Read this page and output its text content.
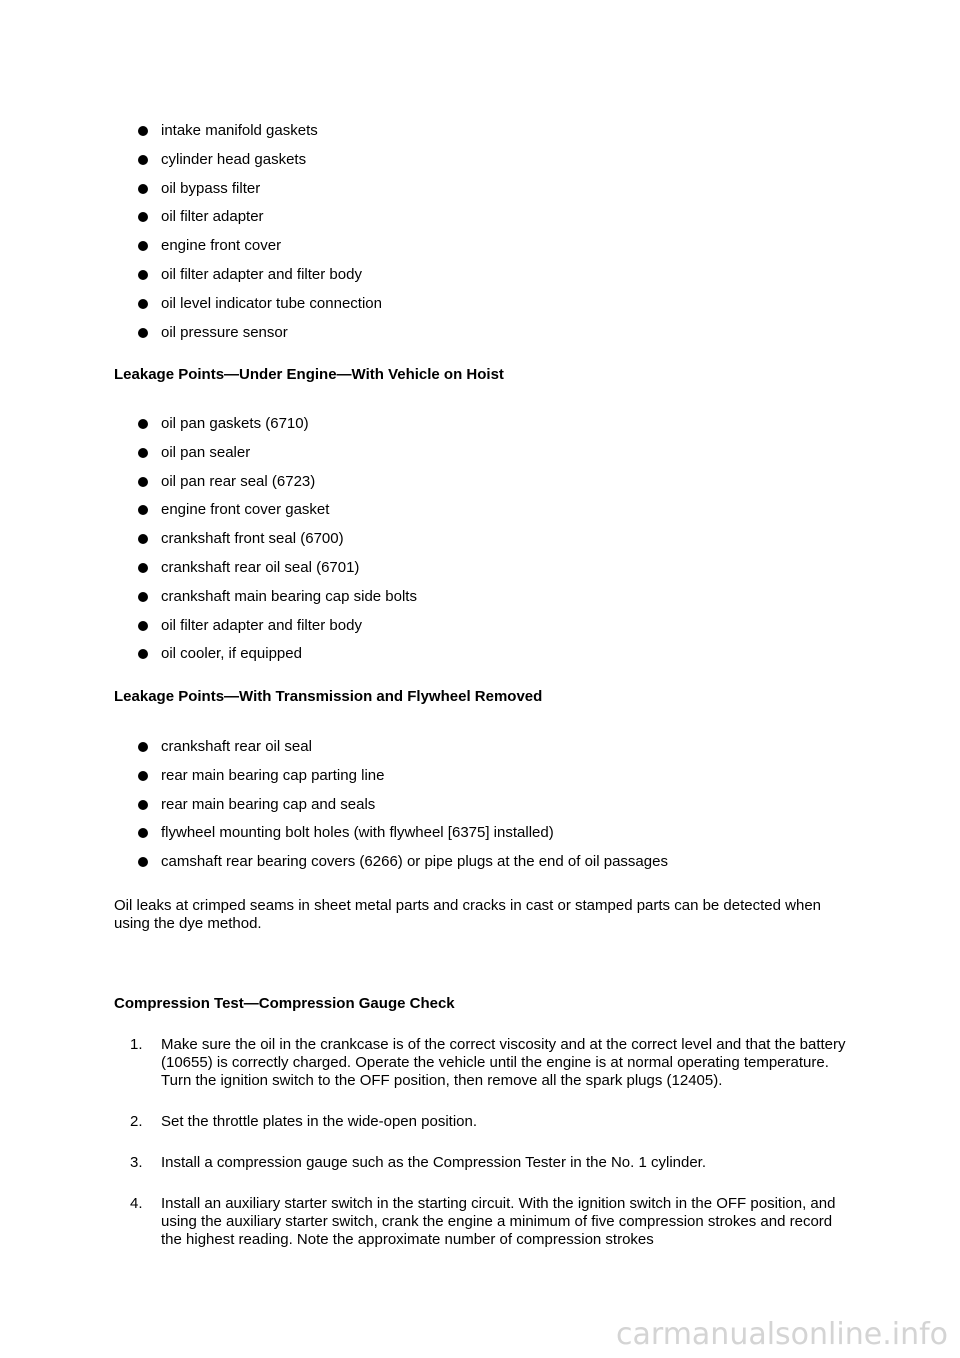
intake manifold gaskets
cylinder head gaskets
oil bypass filter
oil filter adapter
engine front cover
oil filter adapter and filter body
oil level indicator tube connection
oil pressure sensor
Leakage Points—Under Engine—With Vehicle on Hoist
oil pan gaskets (6710)
oil pan sealer
oil pan rear seal (6723)
engine front cover gasket
crankshaft front seal (6700)
crankshaft rear oil seal (6701)
crankshaft main bearing cap side bolts
oil filter adapter and filter body
oil cooler, if equipped
Leakage Points—With Transmission and Flywheel Removed
crankshaft rear oil seal
rear main bearing cap parting line
rear main bearing cap and seals
flywheel mounting bolt holes (with flywheel [6375] installed)
camshaft rear bearing covers (6266) or pipe plugs at the end of oil passages

Oil leaks at crimped seams in sheet metal parts and cracks in cast or stamped parts can be detected when using the dye method.

Compression Test—Compression Gauge Check
1. Make sure the oil in the crankcase is of the correct viscosity and at the correct level and that the battery (10655) is correctly charged. Operate the vehicle until the engine is at normal operating temperature. Turn the ignition switch to the OFF position, then remove all the spark plugs (12405).
2. Set the throttle plates in the wide-open position.
3. Install a compression gauge such as the Compression Tester in the No. 1 cylinder.
4. Install an auxiliary starter switch in the starting circuit. With the ignition switch in the OFF position, and using the auxiliary starter switch, crank the engine a minimum of five compression strokes and record the highest reading. Note the approximate number of compression strokes
carmanualsonline.info
